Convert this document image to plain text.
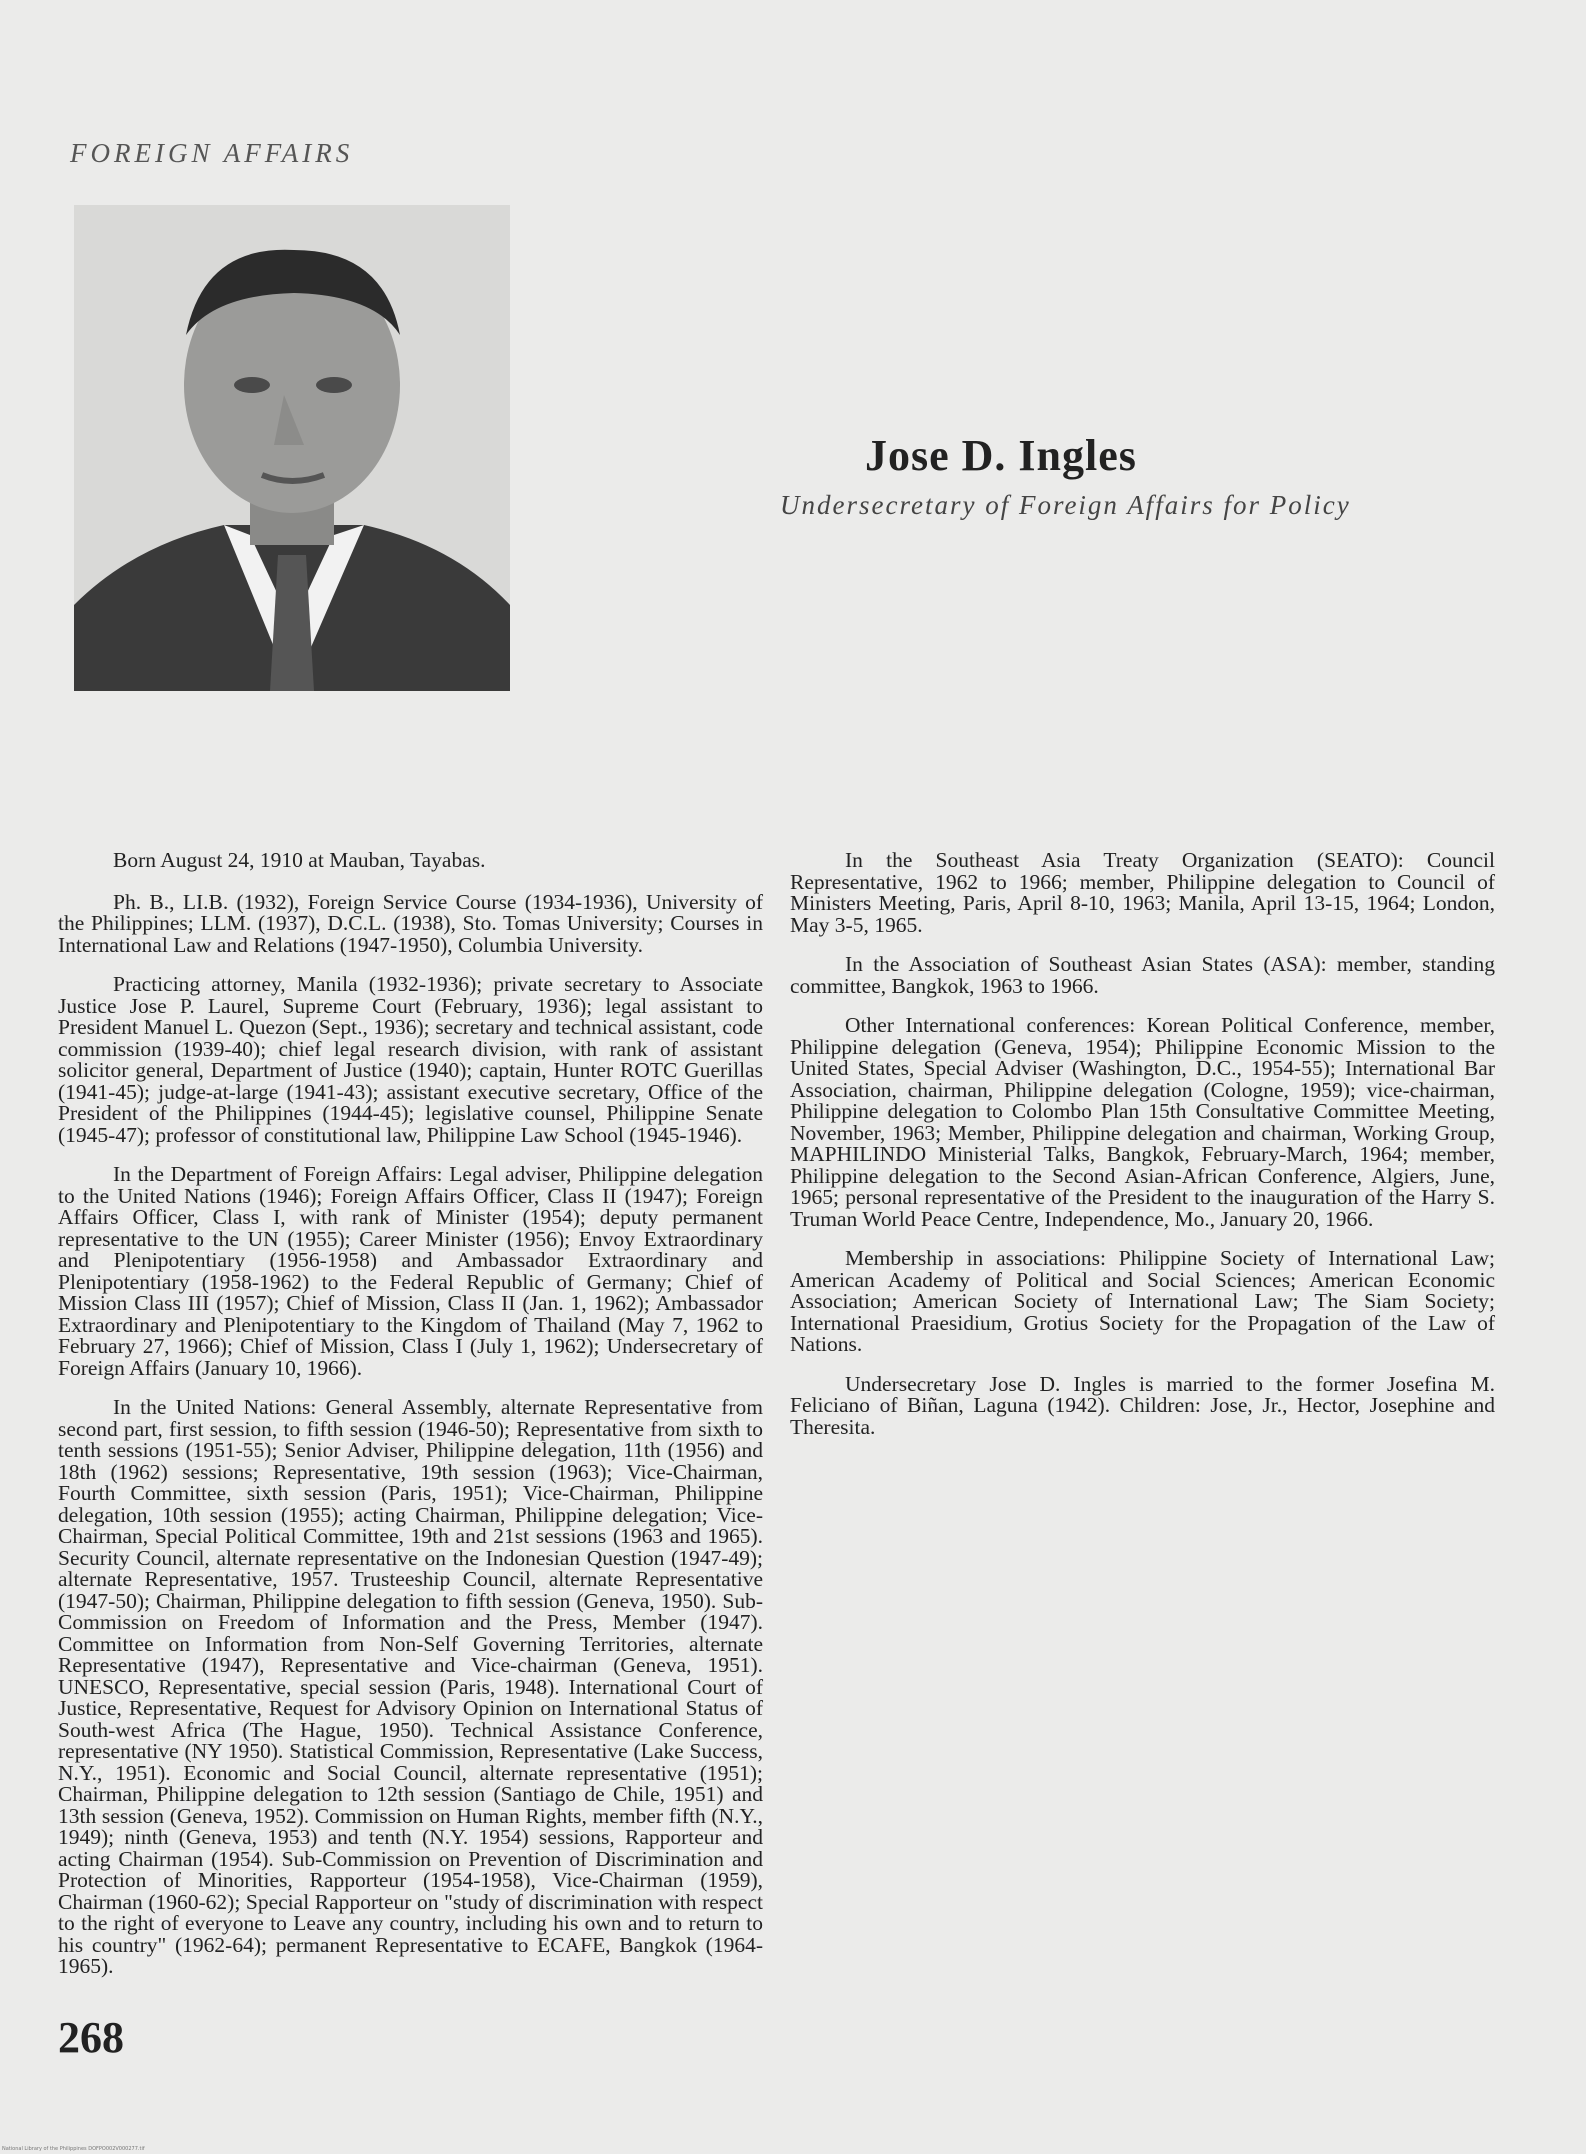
FOREIGN AFFAIRS
Jose D. Ingles
Undersecretary of Foreign Affairs for Policy

Born August 24, 1910 at Mauban, Tayabas.

Ph. B., LI.B. (1932), Foreign Service Course (1934-1936), University of the Philippines; LLM. (1937), D.C.L. (1938), Sto. Tomas University; Courses in International Law and Relations (1947-1950), Columbia University.

Practicing attorney, Manila (1932-1936); private secretary to Associate Justice Jose P. Laurel, Supreme Court (February, 1936); legal assistant to President Manuel L. Quezon (Sept., 1936); secretary and technical assistant, code commission (1939-40); chief legal research division, with rank of assistant solicitor general, Department of Justice (1940); captain, Hunter ROTC Guerillas (1941-45); judge-at-large (1941-43); assistant executive secretary, Office of the President of the Philippines (1944-45); legislative counsel, Philippine Senate (1945-47); professor of constitutional law, Philippine Law School (1945-1946).

In the Department of Foreign Affairs: Legal adviser, Philippine delegation to the United Nations (1946); Foreign Affairs Officer, Class II (1947); Foreign Affairs Officer, Class I, with rank of Minister (1954); deputy permanent representative to the UN (1955); Career Minister (1956); Envoy Extraordinary and Plenipotentiary (1956-1958) and Ambassador Extraordinary and Plenipotentiary (1958-1962) to the Federal Republic of Germany; Chief of Mission Class III (1957); Chief of Mission, Class II (Jan. 1, 1962); Ambassador Extraordinary and Plenipotentiary to the Kingdom of Thailand (May 7, 1962 to February 27, 1966); Chief of Mission, Class I (July 1, 1962); Undersecretary of Foreign Affairs (January 10, 1966).

In the United Nations: General Assembly, alternate Representative from second part, first session, to fifth session (1946-50); Representative from sixth to tenth sessions (1951-55); Senior Adviser, Philippine delegation, 11th (1956) and 18th (1962) sessions; Representative, 19th session (1963); Vice-Chairman, Fourth Committee, sixth session (Paris, 1951); Vice-Chairman, Philippine delegation, 10th session (1955); acting Chairman, Philippine delegation; Vice-Chairman, Special Political Committee, 19th and 21st sessions (1963 and 1965). Security Council, alternate representative on the Indonesian Question (1947-49); alternate Representative, 1957. Trusteeship Council, alternate Representative (1947-50); Chairman, Philippine delegation to fifth session (Geneva, 1950). Sub-Commission on Freedom of Information and the Press, Member (1947). Committee on Information from Non-Self Governing Territories, alternate Representative (1947), Representative and Vice-chairman (Geneva, 1951). UNESCO, Representative, special session (Paris, 1948). International Court of Justice, Representative, Request for Advisory Opinion on International Status of South-west Africa (The Hague, 1950). Technical Assistance Conference, representative (NY 1950). Statistical Commission, Representative (Lake Success, N.Y., 1951). Economic and Social Council, alternate representative (1951); Chairman, Philippine delegation to 12th session (Santiago de Chile, 1951) and 13th session (Geneva, 1952). Commission on Human Rights, member fifth (N.Y., 1949); ninth (Geneva, 1953) and tenth (N.Y. 1954) sessions, Rapporteur and acting Chairman (1954). Sub-Commission on Prevention of Discrimination and Protection of Minorities, Rapporteur (1954-1958), Vice-Chairman (1959), Chairman (1960-62); Special Rapporteur on "study of discrimination with respect to the right of everyone to Leave any country, including his own and to return to his country" (1962-64); permanent Representative to ECAFE, Bangkok (1964-1965).

In the Southeast Asia Treaty Organization (SEATO): Council Representative, 1962 to 1966; member, Philippine delegation to Council of Ministers Meeting, Paris, April 8-10, 1963; Manila, April 13-15, 1964; London, May 3-5, 1965.

In the Association of Southeast Asian States (ASA): member, standing committee, Bangkok, 1963 to 1966.

Other International conferences: Korean Political Conference, member, Philippine delegation (Geneva, 1954); Philippine Economic Mission to the United States, Special Adviser (Washington, D.C., 1954-55); International Bar Association, chairman, Philippine delegation (Cologne, 1959); vice-chairman, Philippine delegation to Colombo Plan 15th Consultative Committee Meeting, November, 1963; Member, Philippine delegation and chairman, Working Group, MAPHILINDO Ministerial Talks, Bangkok, February-March, 1964; member, Philippine delegation to the Second Asian-African Conference, Algiers, June, 1965; personal representative of the President to the inauguration of the Harry S. Truman World Peace Centre, Independence, Mo., January 20, 1966.

Membership in associations: Philippine Society of International Law; American Academy of Political and Social Sciences; American Economic Association; American Society of International Law; The Siam Society; International Praesidium, Grotius Society for the Propagation of the Law of Nations.

Undersecretary Jose D. Ingles is married to the former Josefina M. Feliciano of Biñan, Laguna (1942). Children: Jose, Jr., Hector, Josephine and Theresita.

268
National Library of the Philippines DOFPO002V000277.tif
